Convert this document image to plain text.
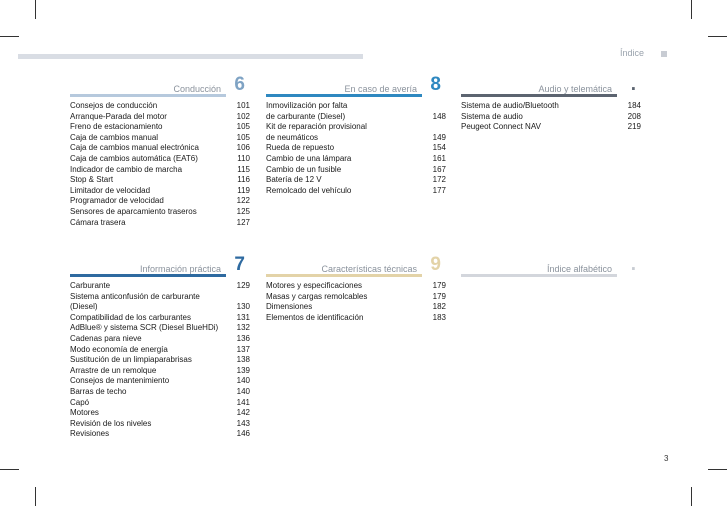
Índice
Conducción 6
Consejos de conducción	101
Arranque-Parada del motor	102
Freno de estacionamiento	105
Caja de cambios manual	105
Caja de cambios manual electrónica	106
Caja de cambios automática (EAT6)	110
Indicador de cambio de marcha	115
Stop & Start	116
Limitador de velocidad	119
Programador de velocidad	122
Sensores de aparcamiento traseros	125
Cámara trasera	127
En caso de avería 8
Inmovilización por falta
de carburante (Diesel)	148
Kit de reparación provisional
de neumáticos	149
Rueda de repuesto	154
Cambio de una lámpara	161
Cambio de un fusible	167
Batería de 12 V	172
Remolcado del vehículo	177
Audio y telemática .
Sistema de audio/Bluetooth	184
Sistema de audio	208
Peugeot Connect NAV	219
Información práctica 7
Carburante	129
Sistema anticonfusión de carburante
(Diesel)	130
Compatibilidad de los carburantes	131
AdBlue® y sistema SCR (Diesel BlueHDi)	132
Cadenas para nieve	136
Modo economía de energía	137
Sustitución de un limpiaparabrisas	138
Arrastre de un remolque	139
Consejos de mantenimiento	140
Barras de techo	140
Capó	141
Motores	142
Revisión de los niveles	143
Revisiones	146
Características técnicas 9
Motores y especificaciones	179
Masas y cargas remolcables	179
Dimensiones	182
Elementos de identificación	183
Índice alfabético .
3
